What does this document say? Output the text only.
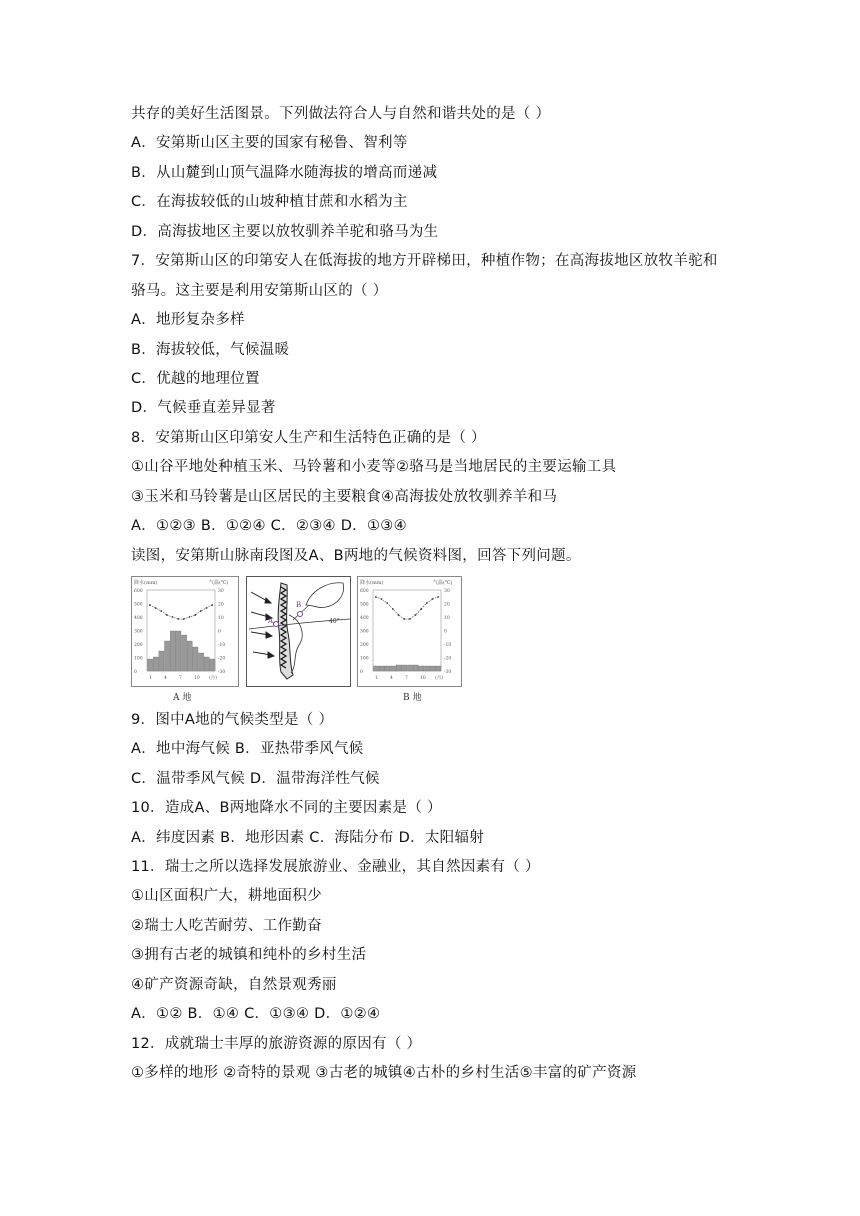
共存的美好生活图景。下列做法符合人与自然和谐共处的是（ ）
A．安第斯山区主要的国家有秘鲁、智利等
B．从山麓到山顶气温降水随海拔的增高而递减
C．在海拔较低的山坡种植甘蔗和水稻为主
D．高海拔地区主要以放牧驯养羊驼和骆马为生
7．安第斯山区的印第安人在低海拔的地方开辟梯田，种植作物；在高海拔地区放牧羊驼和
骆马。这主要是利用安第斯山区的（ ）
A．地形复杂多样
B．海拔较低，气候温暖
C．优越的地理位置
D．气候垂直差异显著
8．安第斯山区印第安人生产和生活特色正确的是（ ）
①山谷平地处种植玉米、马铃薯和小麦等②骆马是当地居民的主要运输工具
③玉米和马铃薯是山区居民的主要粮食④高海拔处放牧驯养羊和马
A．①②③ B．①②④ C．②③④ D．①③④
读图，安第斯山脉南段图及A、B两地的气候资料图，回答下列问题。
降水(mm)	气温(℃)
600	30
500	20
400	10
300	0
200	-10
100	-20
0	-30
1	4	7	10 (月)
40°
A
B
降水(mm)	气温(℃)
600	30
500	20
400	10
300	0
200	-10
100	-20
0	-30
1	4	7	10 (月)
A 地	B 地
9．图中A地的气候类型是（ ）
A．地中海气候 B．亚热带季风气候
C．温带季风气候 D．温带海洋性气候
10．造成A、B两地降水不同的主要因素是（ ）
A．纬度因素 B．地形因素 C．海陆分布 D．太阳辐射
11．瑞士之所以选择发展旅游业、金融业，其自然因素有（ ）
①山区面积广大，耕地面积少
②瑞士人吃苦耐劳、工作勤奋
③拥有古老的城镇和纯朴的乡村生活
④矿产资源奇缺，自然景观秀丽
A．①② B．①④ C．①③④ D．①②④
12．成就瑞士丰厚的旅游资源的原因有（ ）
①多样的地形 ②奇特的景观 ③古老的城镇④古朴的乡村生活⑤丰富的矿产资源
